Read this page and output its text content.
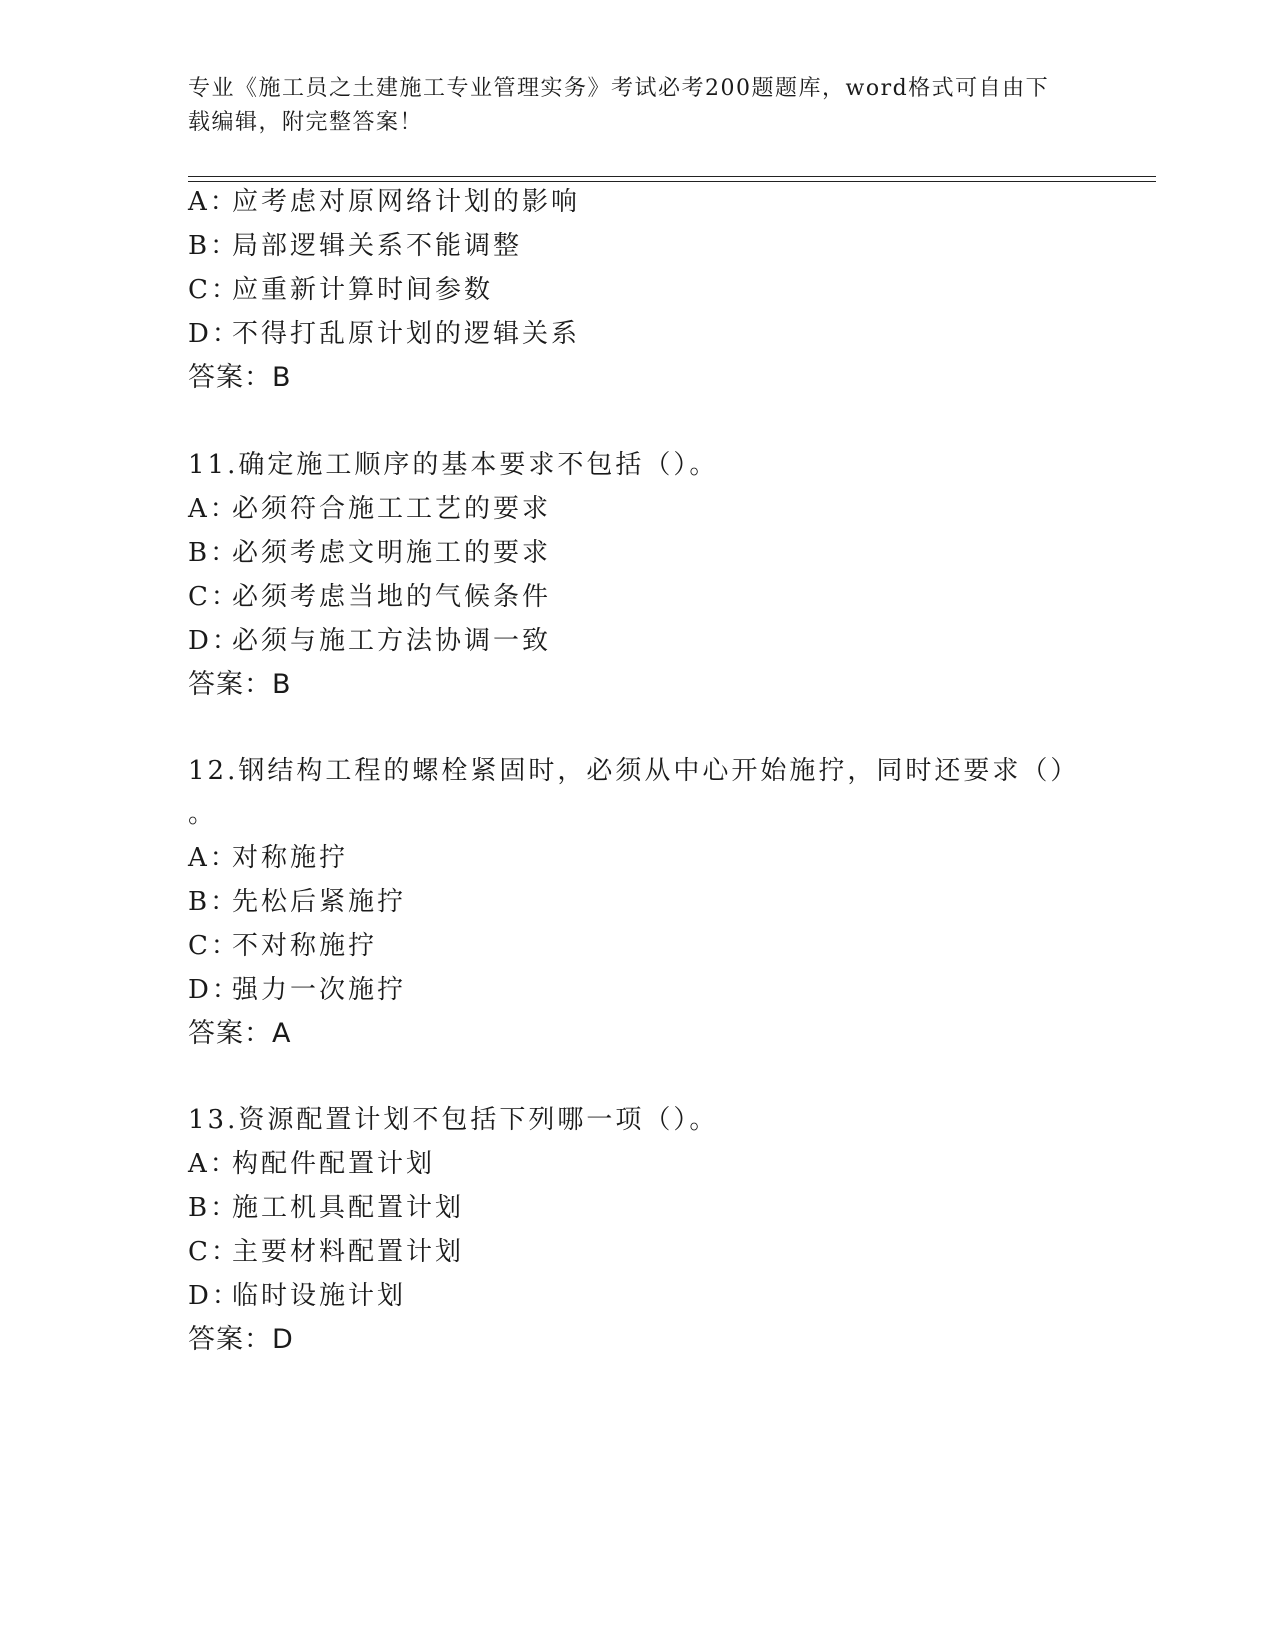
专业《施工员之土建施工专业管理实务》考试必考200题题库，word格式可自由下载编辑，附完整答案！
A：应考虑对原网络计划的影响
B：局部逻辑关系不能调整
C：应重新计算时间参数
D：不得打乱原计划的逻辑关系
答案：B
11.确定施工顺序的基本要求不包括（）。
A：必须符合施工工艺的要求
B：必须考虑文明施工的要求
C：必须考虑当地的气候条件
D：必须与施工方法协调一致
答案：B
12.钢结构工程的螺栓紧固时，必须从中心开始施拧，同时还要求（）
。
A：对称施拧
B：先松后紧施拧
C：不对称施拧
D：强力一次施拧
答案：A
13.资源配置计划不包括下列哪一项（）。
A：构配件配置计划
B：施工机具配置计划
C：主要材料配置计划
D：临时设施计划
答案：D
